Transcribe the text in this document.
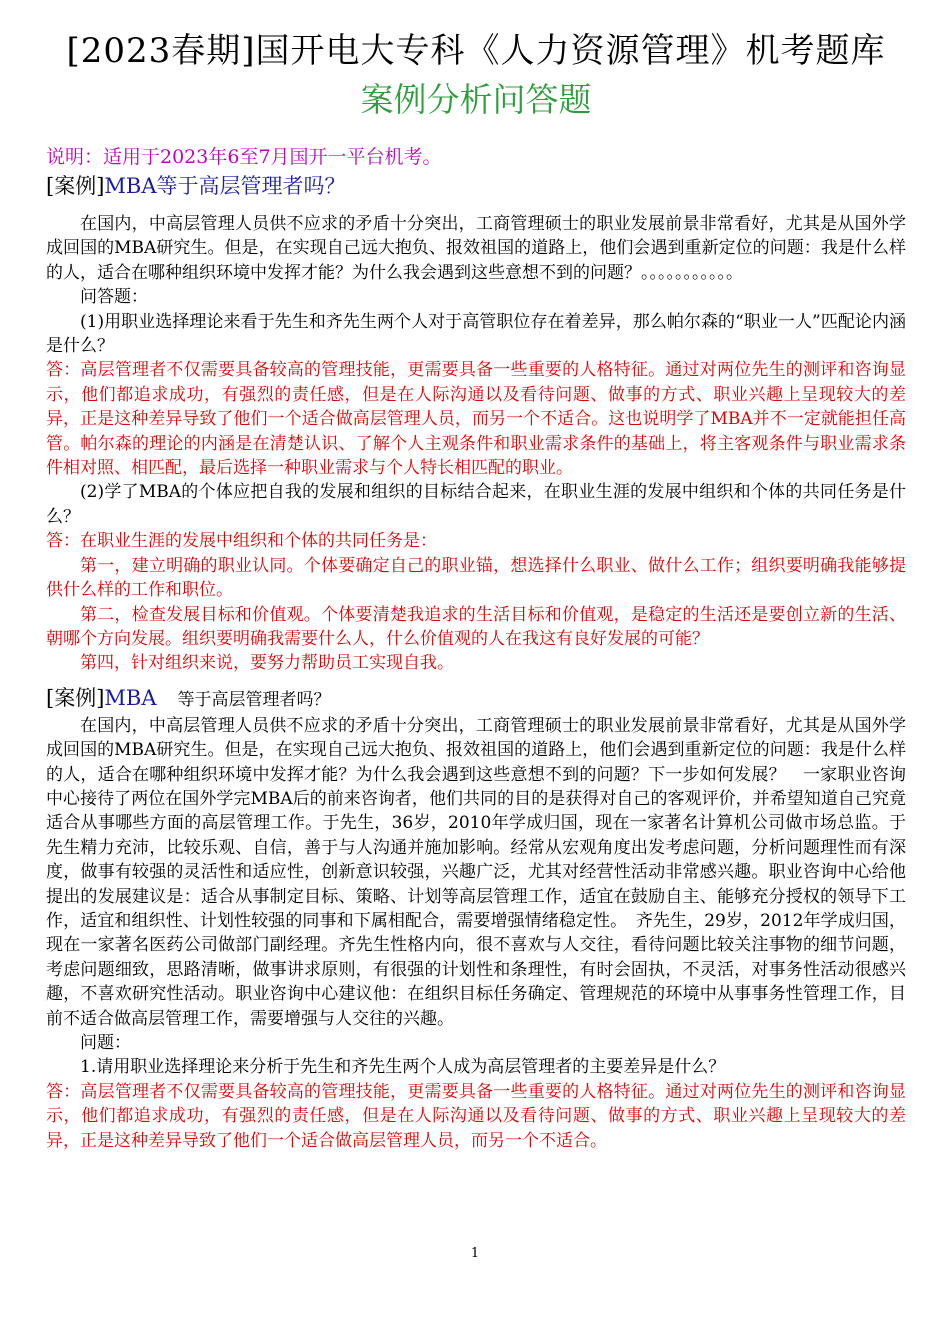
[2023春期]国开电大专科《人力资源管理》机考题库
案例分析问答题
说明：适用于2023年6至7月国开一平台机考。
[案例]MBA等于高层管理者吗？

在国内，中高层管理人员供不应求的矛盾十分突出，工商管理硕士的职业发展前景非常看好，尤其是从国外学成回国的MBA研究生。但是，在实现自己远大抱负、报效祖国的道路上，他们会遇到重新定位的问题：我是什么样的人，适合在哪种组织环境中发挥才能？为什么我会遇到这些意想不到的问题？。。。。。。。。。。。

问答题：

(1)用职业选择理论来看于先生和齐先生两个人对于高管职位存在着差异，那么帕尔森的“职业一人”匹配论内涵是什么？

答：高层管理者不仅需要具备较高的管理技能，更需要具备一些重要的人格特征。通过对两位先生的测评和咨询显示，他们都追求成功，有强烈的责任感，但是在人际沟通以及看待问题、做事的方式、职业兴趣上呈现较大的差异，正是这种差异导致了他们一个适合做高层管理人员，而另一个不适合。这也说明学了MBA并不一定就能担任高管。帕尔森的理论的内涵是在清楚认识、了解个人主观条件和职业需求条件的基础上，将主客观条件与职业需求条件相对照、相匹配，最后选择一种职业需求与个人特长相匹配的职业。

(2)学了MBA的个体应把自我的发展和组织的目标结合起来，在职业生涯的发展中组织和个体的共同任务是什么？

答：在职业生涯的发展中组织和个体的共同任务是：

第一，建立明确的职业认同。个体要确定自己的职业锚，想选择什么职业、做什么工作；组织要明确我能够提供什么样的工作和职位。

第二，检查发展目标和价值观。个体要清楚我追求的生活目标和价值观，是稳定的生活还是要创立新的生活、朝哪个方向发展。组织要明确我需要什么人，什么价值观的人在我这有良好发展的可能？

第四，针对组织来说，要努力帮助员工实现自我。

[案例]MBA　 等于高层管理者吗？

在国内，中高层管理人员供不应求的矛盾十分突出，工商管理硕士的职业发展前景非常看好，尤其是从国外学成回国的MBA研究生。但是，在实现自己远大抱负、报效祖国的道路上，他们会遇到重新定位的问题：我是什么样的人，适合在哪种组织环境中发挥才能？为什么我会遇到这些意想不到的问题？下一步如何发展？　一家职业咨询中心接待了两位在国外学完MBA后的前来咨询者，他们共同的目的是获得对自己的客观评价，并希望知道自己究竟适合从事哪些方面的高层管理工作。于先生，36岁，2010年学成归国，现在一家著名计算机公司做市场总监。于先生精力充沛，比较乐观、自信，善于与人沟通并施加影响。经常从宏观角度出发考虑问题，分析问题理性而有深度，做事有较强的灵活性和适应性，创新意识较强，兴趣广泛，尤其对经营性活动非常感兴趣。职业咨询中心给他提出的发展建议是：适合从事制定目标、策略、计划等高层管理工作，适宜在鼓励自主、能够充分授权的领导下工作，适宜和组织性、计划性较强的同事和下属相配合，需要增强情绪稳定性。　齐先生，29岁，2012年学成归国，现在一家著名医药公司做部门副经理。齐先生性格内向，很不喜欢与人交往，看待问题比较关注事物的细节问题，考虑问题细致，思路清晰，做事讲求原则，有很强的计划性和条理性，有时会固执，不灵活，对事务性活动很感兴趣，不喜欢研究性活动。职业咨询中心建议他：在组织目标任务确定、管理规范的环境中从事事务性管理工作，目前不适合做高层管理工作，需要增强与人交往的兴趣。

问题：

1.请用职业选择理论来分析于先生和齐先生两个人成为高层管理者的主要差异是什么？

答：高层管理者不仅需要具备较高的管理技能，更需要具备一些重要的人格特征。通过对两位先生的测评和咨询显示，他们都追求成功，有强烈的责任感，但是在人际沟通以及看待问题、做事的方式、职业兴趣上呈现较大的差异，正是这种差异导致了他们一个适合做高层管理人员，而另一个不适合。

1
